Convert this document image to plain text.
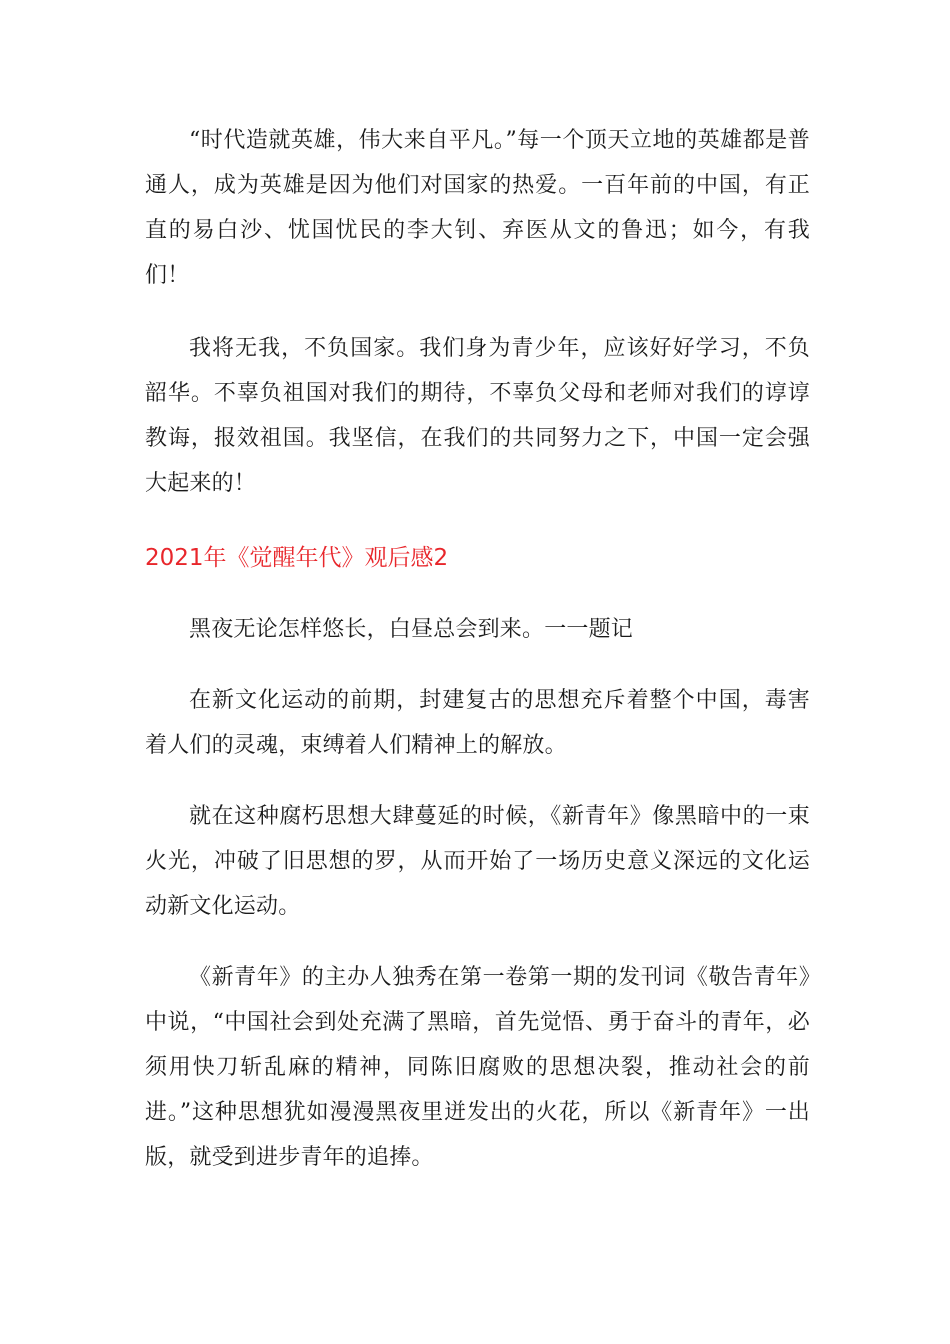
“时代造就英雄，伟大来自平凡。”每一个顶天立地的英雄都是普通人，成为英雄是因为他们对国家的热爱。一百年前的中国，有正直的易白沙、忧国忧民的李大钊、弃医从文的鲁迅；如今，有我们！

我将无我，不负国家。我们身为青少年，应该好好学习，不负韶华。不辜负祖国对我们的期待，不辜负父母和老师对我们的谆谆教诲，报效祖国。我坚信，在我们的共同努力之下，中国一定会强大起来的！

2021年《觉醒年代》观后感2

黑夜无论怎样悠长，白昼总会到来。一一题记

在新文化运动的前期，封建复古的思想充斥着整个中国，毒害着人们的灵魂，束缚着人们精神上的解放。

就在这种腐朽思想大肆蔓延的时候，《新青年》像黑暗中的一束火光，冲破了旧思想的罗，从而开始了一场历史意义深远的文化运动新文化运动。

《新青年》的主办人独秀在第一卷第一期的发刊词《敬告青年》中说，“中国社会到处充满了黑暗，首先觉悟、勇于奋斗的青年，必须用快刀斩乱麻的精神，同陈旧腐败的思想决裂，推动社会的前进。”这种思想犹如漫漫黑夜里迸发出的火花，所以《新青年》一出版，就受到进步青年的追捧。
